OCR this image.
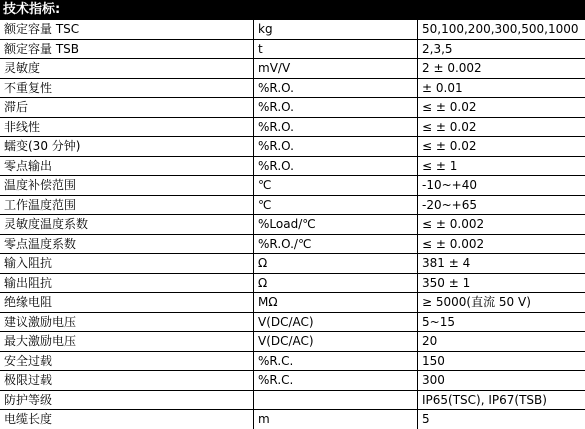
技术指标:
额定容量 TSC	kg	50,100,200,300,500,1000
额定容量 TSB	t	2,3,5
灵敏度	mV/V	2 ± 0.002
不重复性	%R.O.	± 0.01
滞后	%R.O.	≤ ± 0.02
非线性	%R.O.	≤ ± 0.02
蠕变(30 分钟)	%R.O.	≤ ± 0.02
零点输出	%R.O.	≤ ± 1
温度补偿范围	℃	-10~+40
工作温度范围	℃	-20~+65
灵敏度温度系数	%Load/℃	≤ ± 0.002
零点温度系数	%R.O./℃	≤ ± 0.002
输入阻抗	Ω	381 ± 4
输出阻抗	Ω	350 ± 1
绝缘电阻	MΩ	≥ 5000(直流 50 V)
建议激励电压	V(DC/AC)	5~15
最大激励电压	V(DC/AC)	20
安全过载	%R.C.	150
极限过载	%R.C.	300
防护等级		IP65(TSC), IP67(TSB)
电缆长度	m	5
